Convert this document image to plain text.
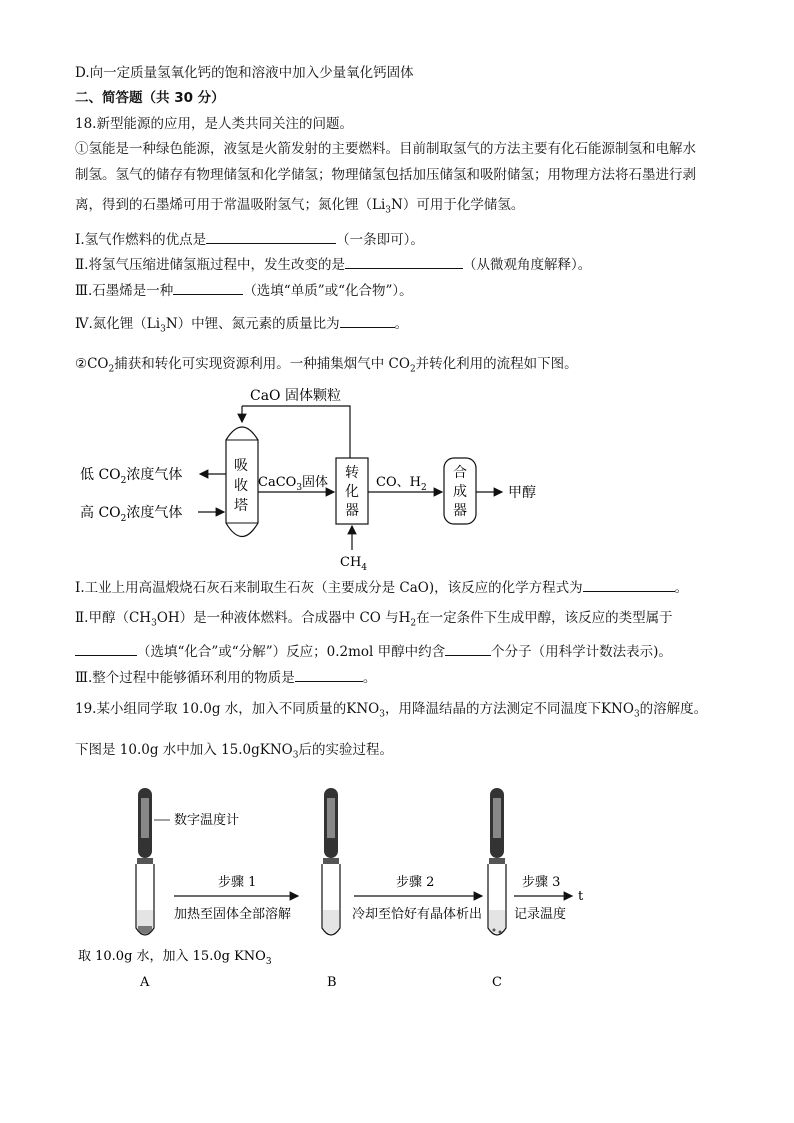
D.向一定质量氢氧化钙的饱和溶液中加入少量氧化钙固体
二、简答题（共 30 分）
18.新型能源的应用，是人类共同关注的问题。
①氢能是一种绿色能源，液氢是火箭发射的主要燃料。目前制取氢气的方法主要有化石能源制氢和电解水
制氢。氢气的储存有物理储氢和化学储氢；物理储氢包括加压储氢和吸附储氢；用物理方法将石墨进行剥
离，得到的石墨烯可用于常温吸附氢气；氮化锂$(Li_3N)$可用于化学储氢。
Ⅰ.氢气作燃料的优点是	（一条即可）。
Ⅱ.将氢气压缩进储氢瓶过程中，发生改变的是	（从微观角度解释）。
Ⅲ.石墨烯是一种	（选填“单质”或“化合物”）。
Ⅳ.氮化锂$(Li_3N)$中锂、氮元素的质量比为	。
$②CO_2$捕获和转化可实现资源利用。一种捕集烟气中 $CO_2$并转化利用的流程如下图。
CaO 固体颗粒
吸
收
塔
低 $CO_2$浓度气体
高 $CO_2$浓度气体
CaCO$_3$固体
转
化
器
$CH_4$
CO、$H_2$
合
成
器
甲醇
Ⅰ.工业上用高温煅烧石灰石来制取生石灰（主要成分是 CaO)，该反应的化学方程式为	。
Ⅱ.甲醇$(CH_3OH)$是一种液体燃料。合成器中 CO 与$H_2$在一定条件下生成甲醇，该反应的类型属于
（选填“化合”或“分解”）反应；0.2mol 甲醇中约含	个分子（用科学计数法表示)。
Ⅲ.整个过程中能够循环利用的物质是	。
19.某小组同学取 10.0g 水，加入不同质量的$KNO_3$，用降温结晶的方法测定不同温度下$KNO_3$的溶解度。
下图是 10.0g 水中加入 15.0gKNO$_3$后的实验过程。
数字温度计
步骤 1
加热至固体全部溶解
步骤 2
冷却至恰好有晶体析出
步骤 3
t
记录温度
取 10.0g 水，加入 15.0g $KNO_3$
A	B	C
